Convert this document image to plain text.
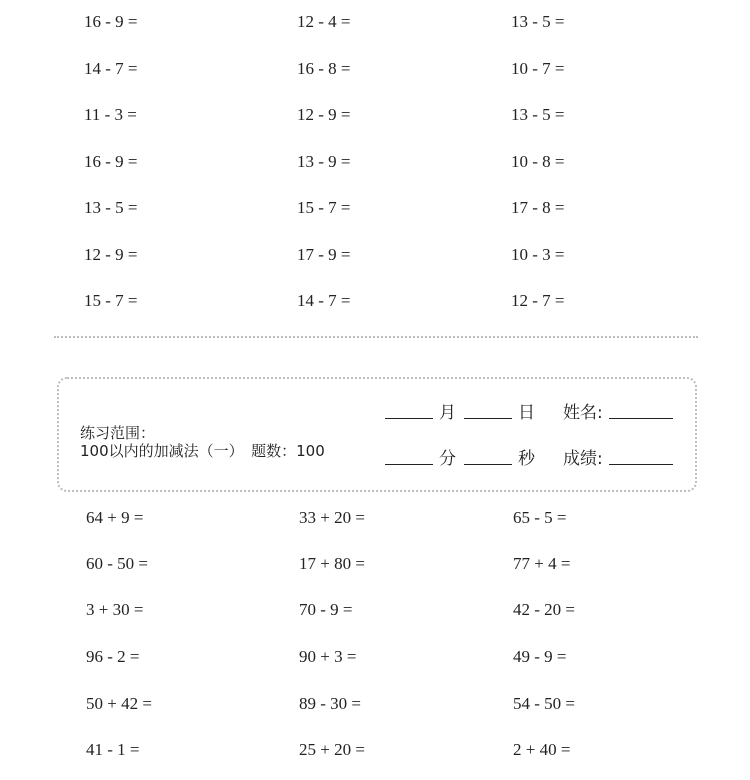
16 - 9 =	12 - 4 =	13 - 5 =
14 - 7 =	16 - 8 =	10 - 7 =
11 - 3 =	12 - 9 =	13 - 5 =
16 - 9 =	13 - 9 =	10 - 8 =
13 - 5 =	15 - 7 =	17 - 8 =
12 - 9 =	17 - 9 =	10 - 3 =
15 - 7 =	14 - 7 =	12 - 7 =
练习范围：
100以内的加减法（一）　题数：100
月	日 姓名:
分	秒 成绩:
64 + 9 =	33 + 20 =	65 - 5 =
60 - 50 =	17 + 80 =	77 + 4 =
3 + 30 =	70 - 9 =	42 - 20 =
96 - 2 =	90 + 3 =	49 - 9 =
50 + 42 =	89 - 30 =	54 - 50 =
41 - 1 =	25 + 20 =	2 + 40 =
